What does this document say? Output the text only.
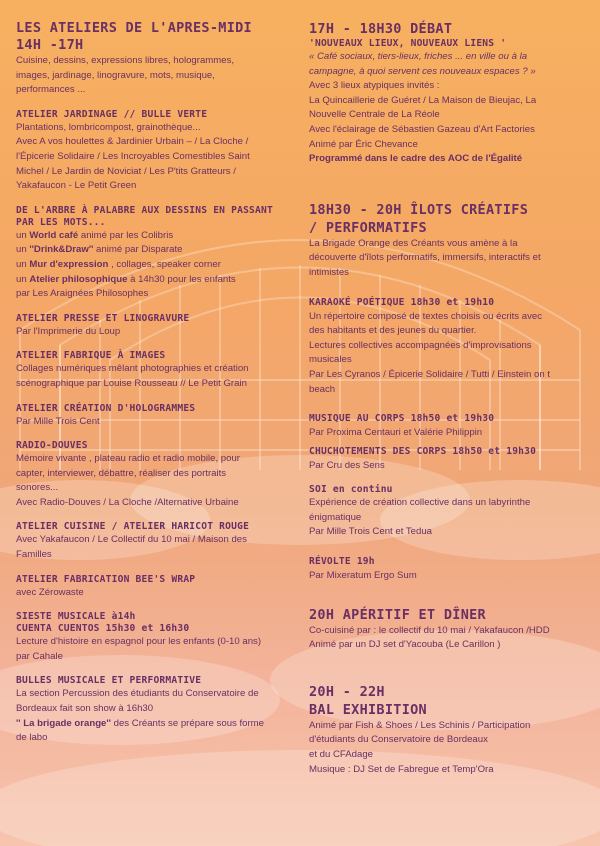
LES ATELIERS DE L'APRES-MIDI
14H -17H
Cuisine, dessins, expressions libres, hologrammes,
images, jardinage, linogravure, mots, musique,
performances ...
ATELIER JARDINAGE // BULLE VERTE
Plantations, lombricompost, grainothèque...
Avec A vos houlettes & Jardinier Urbain – / La Cloche /
l'Épicerie Solidaire / Les Incroyables Comestibles Saint
Michel / Le Jardin de Noviciat / Les P'tits Gratteurs /
Yakafaucon - Le Petit Green
DE L'ARBRE À PALABRE AUX DESSINS EN PASSANT
PAR LES MOTS...
un World café animé par les Colibris
un ''Drink&Draw'' animé par Disparate
un Mur d'expression , collages, speaker corner
un Atelier philosophique à 14h30 pour les enfants
par Les Araignées Philosophes
ATELIER PRESSE ET LINOGRAVURE
Par l'Imprimerie du Loup
ATELIER FABRIQUE À IMAGES
Collages numériques mêlant photographies et création
scénographique par Louise Rousseau // Le Petit Grain
ATELIER CRÉATION D'HOLOGRAMMES
Par Mille Trois Cent
RADIO-DOUVES
Mémoire vivante , plateau radio et radio mobile, pour
capter, interviewer, débattre, réaliser des portraits
sonores...
Avec Radio-Douves / La Cloche /Alternative Urbaine
ATELIER CUISINE / ATELIER HARICOT ROUGE
Avec Yakafaucon / Le Collectif du 10 mai / Maison des
Familles
ATELIER FABRICATION BEE'S WRAP
avec Zérowaste
SIESTE MUSICALE à14h
CUENTA CUENTOS 15h30 et 16h30
Lecture d'histoire en espagnol pour les enfants (0-10 ans)
par Cahale
BULLES MUSICALE ET PERFORMATIVE
La section Percussion des étudiants du Conservatoire de
Bordeaux fait son show à 16h30
'' La brigade orange'' des Créants se prépare sous forme
de labo
17H - 18H30 DÉBAT
'NOUVEAUX LIEUX, NOUVEAUX LIENS '
« Café sociaux, tiers-lieux, friches ... en ville ou à la
campagne, à quoi servent ces nouveaux espaces ? »
Avec 3 lieux atypiques invités :
La Quincaillerie de Guéret / La Maison de Bieujac, La
Nouvelle Centrale de La Réole
Avec l'éclairage de Sébastien Gazeau d'Art Factories
Animé par Éric Chevance
Programmé dans le cadre des AOC de l'Égalité
18H30 - 20H ÎLOTS CRÉATIFS
/ PERFORMATIFS
La Brigade Orange des Créants vous amène à la
découverte d'îlots performatifs, immersifs, interactifs et
intimistes
KARAOKÉ POÉTIQUE 18h30 et 19h10
Un répertoire composé de textes choisis ou écrits avec
des habitants et des jeunes du quartier.
Lectures collectives accompagnées d'improvisations
musicales
Par Les Cyranos / Épicerie Solidaire / Tutti / Einstein on t
beach
MUSIQUE AU CORPS 18h50 et 19h30
Par Proxima Centauri et Valérie Philippin
CHUCHOTEMENTS DES CORPS 18h50 et 19h30
Par Cru des Sens
SOI en continu
Expérience de création collective dans un labyrinthe
énigmatique
Par Mille Trois Cent et Tedua
RÉVOLTE 19h
Par Mixeratum Ergo Sum
20H APÉRITIF ET DÎNER
Co-cuisiné par : le collectif du 10 mai / Yakafaucon /HDD
Animé par un DJ set d'Yacouba (Le Carillon )
20H - 22H
BAL EXHIBITION
Animé par Fish & Shoes / Les Schinis / Participation
d'étudiants du Conservatoire de Bordeaux
et du CFAdage
Musique : DJ Set de Fabregue et Temp'Ora
